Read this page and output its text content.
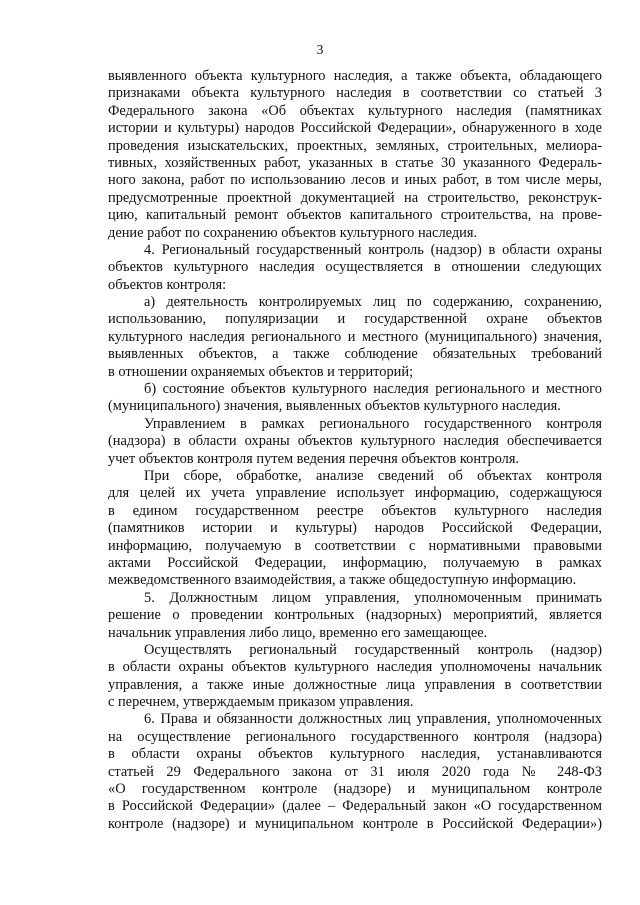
3
выявленного объекта культурного наследия, а также объекта, обладающего
признаками объекта культурного наследия в соответствии со статьей 3
Федерального закона «Об объектах культурного наследия (памятниках
истории и культуры) народов Российской Федерации», обнаруженного в ходе
проведения изыскательских, проектных, земляных, строительных, мелиора-
тивных, хозяйственных работ, указанных в статье 30 указанного Федераль-
ного закона, работ по использованию лесов и иных работ, в том числе меры,
предусмотренные проектной документацией на строительство, реконструк-
цию, капитальный ремонт объектов капитального строительства, на прове-
дение работ по сохранению объектов культурного наследия.
4. Региональный государственный контроль (надзор) в области охраны
объектов культурного наследия осуществляется в отношении следующих
объектов контроля:
а) деятельность контролируемых лиц по содержанию, сохранению,
использованию, популяризации и государственной охране объектов
культурного наследия регионального и местного (муниципального) значения,
выявленных объектов, а также соблюдение обязательных требований
в отношении охраняемых объектов и территорий;
б) состояние объектов культурного наследия регионального и местного
(муниципального) значения, выявленных объектов культурного наследия.
Управлением в рамках регионального государственного контроля
(надзора) в области охраны объектов культурного наследия обеспечивается
учет объектов контроля путем ведения перечня объектов контроля.
При сборе, обработке, анализе сведений об объектах контроля
для целей их учета управление использует информацию, содержащуюся
в едином государственном реестре объектов культурного наследия
(памятников истории и культуры) народов Российской Федерации,
информацию, получаемую в соответствии с нормативными правовыми
актами Российской Федерации, информацию, получаемую в рамках
межведомственного взаимодействия, а также общедоступную информацию.
5. Должностным лицом управления, уполномоченным принимать
решение о проведении контрольных (надзорных) мероприятий, является
начальник управления либо лицо, временно его замещающее.
Осуществлять региональный государственный контроль (надзор)
в области охраны объектов культурного наследия уполномочены начальник
управления, а также иные должностные лица управления в соответствии
с перечнем, утверждаемым приказом управления.
6. Права и обязанности должностных лиц управления, уполномоченных
на осуществление регионального государственного контроля (надзора)
в области охраны объектов культурного наследия, устанавливаются
статьей 29 Федерального закона от 31 июля 2020 года № 248-ФЗ
«О государственном контроле (надзоре) и муниципальном контроле
в Российской Федерации» (далее – Федеральный закон «О государственном
контроле (надзоре) и муниципальном контроле в Российской Федерации»)
